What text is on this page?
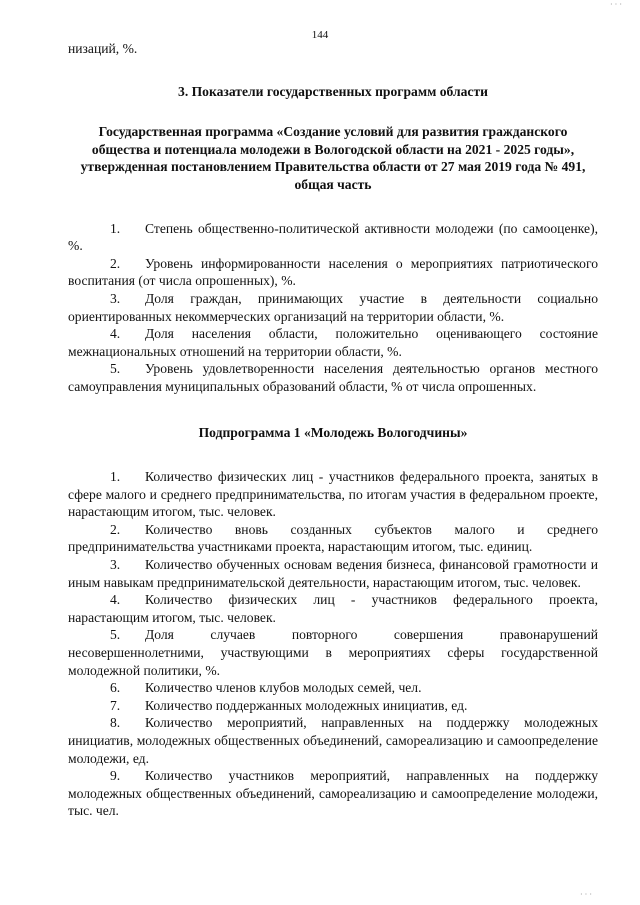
· · ·
144

низаций, %.

3. Показатели государственных программ области

Государственная программа «Создание условий для развития гражданского общества и потенциала молодежи в Вологодской области на 2021 - 2025 годы», утвержденная постановлением Правительства области от 27 мая 2019 года № 491, общая часть

1. Степень общественно-политической активности молодежи (по самооценке), %.

2. Уровень информированности населения о мероприятиях патриотического воспитания (от числа опрошенных), %.

3. Доля граждан, принимающих участие в деятельности социально ориентированных некоммерческих организаций на территории области, %.

4. Доля населения области, положительно оценивающего состояние межнациональных отношений на территории области, %.

5. Уровень удовлетворенности населения деятельностью органов местного самоуправления муниципальных образований области, % от числа опрошенных.

Подпрограмма 1 «Молодежь Вологодчины»

1. Количество физических лиц - участников федерального проекта, занятых в сфере малого и среднего предпринимательства, по итогам участия в федеральном проекте, нарастающим итогом, тыс. человек.

2. Количество вновь созданных субъектов малого и среднего предпринимательства участниками проекта, нарастающим итогом, тыс. единиц.

3. Количество обученных основам ведения бизнеса, финансовой грамотности и иным навыкам предпринимательской деятельности, нарастающим итогом, тыс. человек.

4. Количество физических лиц - участников федерального проекта, нарастающим итогом, тыс. человек.

5. Доля случаев повторного совершения правонарушений несовершеннолетними, участвующими в мероприятиях сферы государственной молодежной политики, %.

6. Количество членов клубов молодых семей, чел.

7. Количество поддержанных молодежных инициатив, ед.

8. Количество мероприятий, направленных на поддержку молодежных инициатив, молодежных общественных объединений, самореализацию и самоопределение молодежи, ед.

9. Количество участников мероприятий, направленных на поддержку молодежных общественных объединений, самореализацию и самоопределение молодежи, тыс. чел.

· · ·
